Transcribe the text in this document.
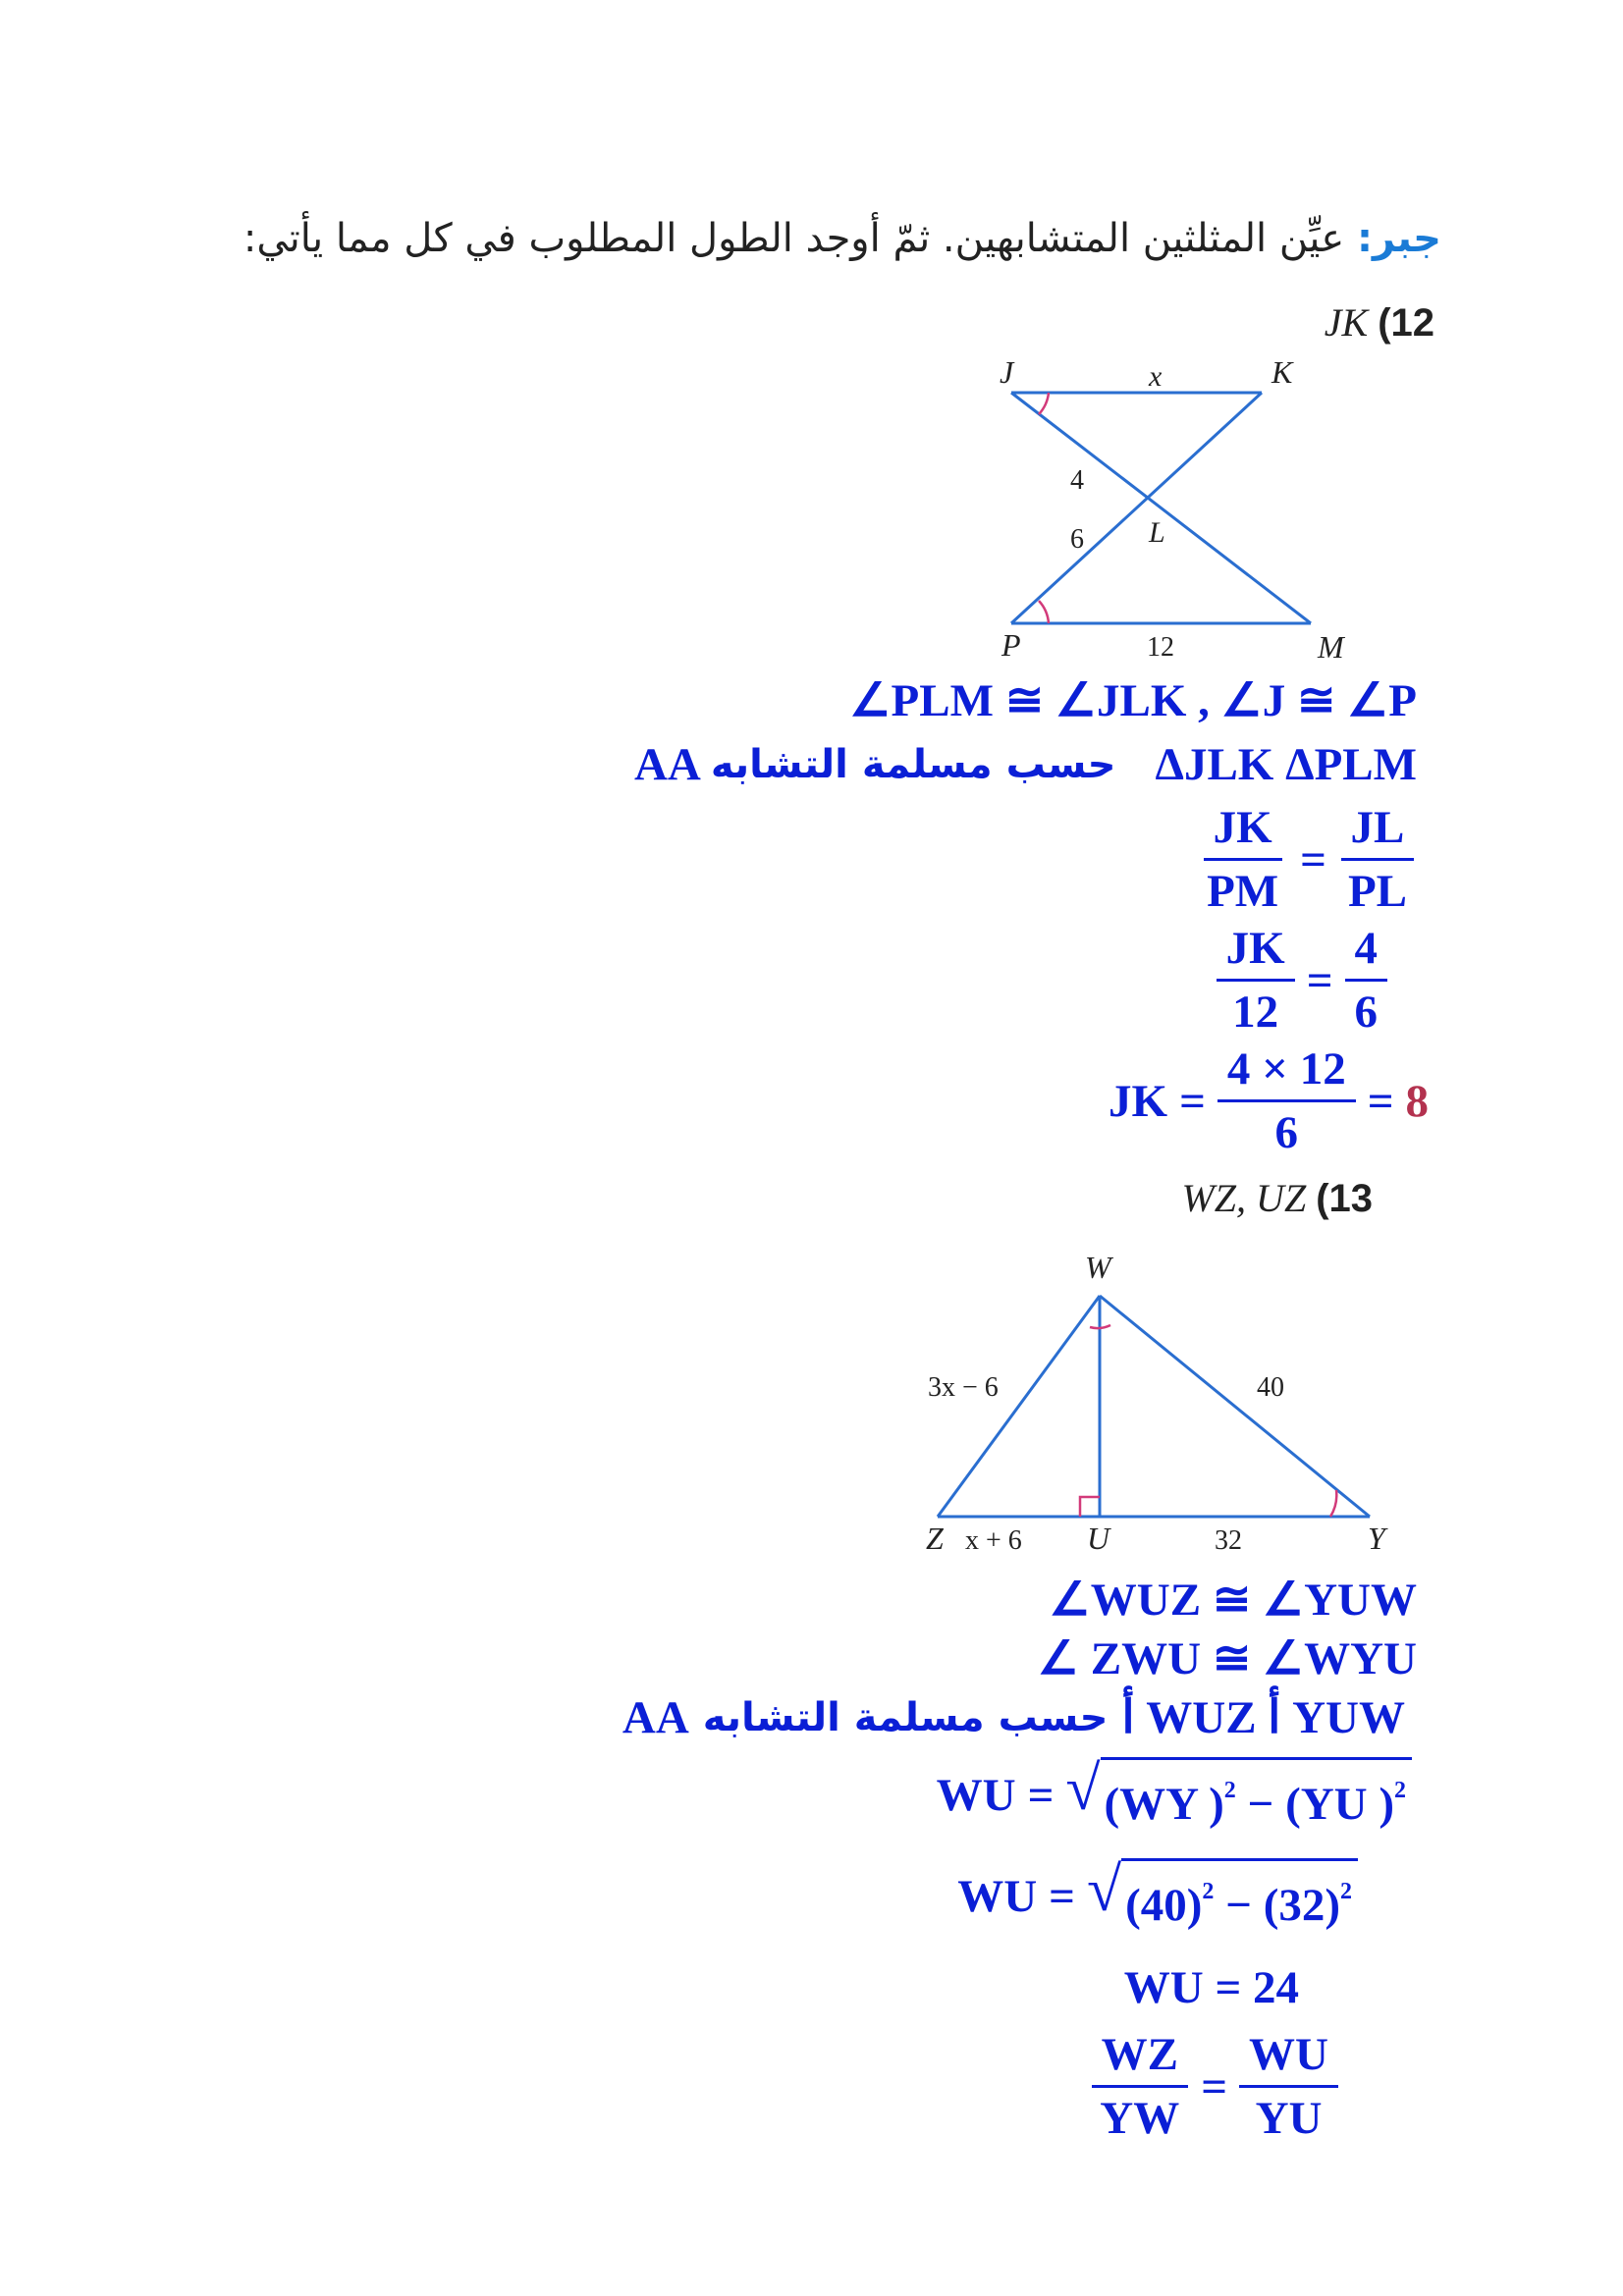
جبر: عيِّن المثلثين المتشابهين. ثمّ أوجد الطول المطلوب في كل مما يأتي:
JK (12
J	K
x
4
6 L
P	12	M
∠PLM ≅ ∠JLK , ∠J ≅ ∠P
AA حسب مسلمة التشابه ΔJLK ΔPLM
$\frac{JK}{PM} = \frac{JL}{PL}$
$\frac{JK}{12} = \frac{4}{6}$
JK = $\frac{4 \times 12}{6} = 8$
WZ, UZ (13
W
Z	U	Y
3x − 6	40
x + 6	32
∠WUZ ≅ ∠YUW
∠ ZWU ≅ ∠WYU
AA حسب مسلمة التشابه أ WUZ أ YUW
WU = √ (WY )$^2$ − (YU )$^2$
WU = √ $(40)^2 - (32)^2$
WU = 24
$\frac{WZ}{YW} = \frac{WU}{YU}$
